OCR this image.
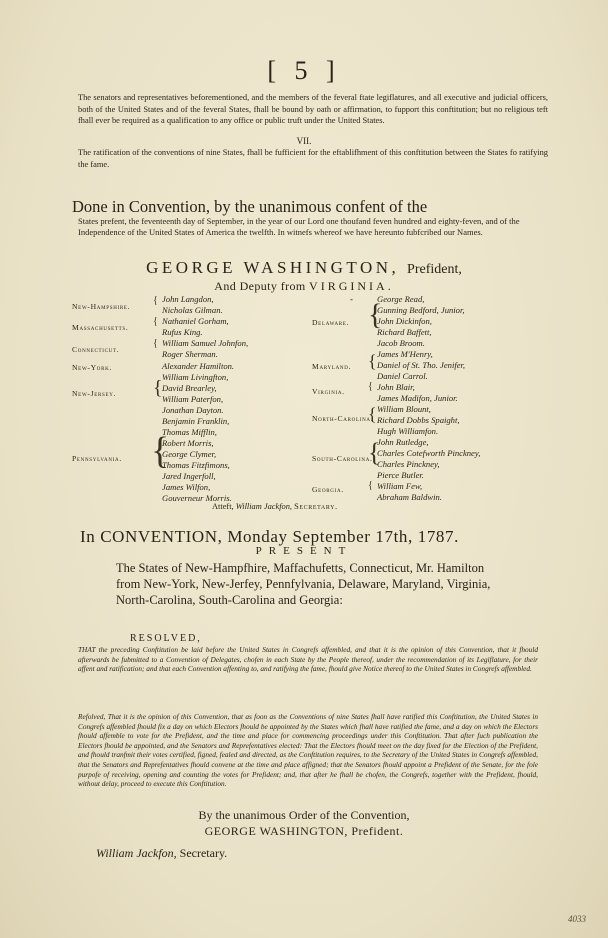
[ 5 ]
The senators and representatives beforementioned, and the members of the feveral ftate legiflatures, and all executive and judicial officers, both of the United States and of the feveral States, fhall be bound by oath or affirmation, to fupport this conftitution; but no religious teft fhall ever be required as a qualification to any office or public truft under the United States.
VII.
The ratification of the conventions of nine States, fhall be fufficient for the eftablifhment of this conftitution between the States fo ratifying the fame.
Done in Convention, by the unanimous confent of the
States prefent, the feventeenth day of September, in the year of our Lord one thoufand feven hundred and eighty-feven, and of the Independence of the United States of America the twelfth. In witnefs whereof we have hereunto fubfcribed our Names.
GEORGE WASHINGTON, Prefident,
And Deputy from VIRGINIA.
-
New-Hampshire.
{ John Langdon,
Nicholas Gilman.
Massachusetts.
{ Nathaniel Gorham,
Rufus King.
Connecticut.
{ William Samuel Johnfon,
Roger Sherman.
New-York.	Alexander Hamilton.
New-Jersey. { William Livingfton,
David Brearley,
William Paterfon,
Jonathan Dayton.
Pennsylvania. {
Benjamin Franklin,
Thomas Mifflin,
Robert Morris,
George Clymer,
Thomas Fitzfimons,
Jared Ingerfoll,
James Wilfon,
Gouverneur Morris.
Delaware. {
George Read,
Gunning Bedford, Junior,
John Dickinfon,
Richard Baffett,
Jacob Broom.
Maryland. { James M'Henry,
Daniel of St. Tho. Jenifer,
Daniel Carrol.
Virginia. { John Blair,
James Madifon, Junior.
North-Carolina.
{ William Blount,
Richard Dobbs Spaight,
Hugh Williamfon.
South-Carolina.
{
John Rutledge,
Charles Cotefworth Pinckney,
Charles Pinckney,
Pierce Butler.
Georgia. { William Few,
Abraham Baldwin.
Atteft, William Jackfon, Secretary.
In CONVENTION, Monday September 17th, 1787.
PRESENT
The States of New-Hampfhire, Maffachufetts, Connecticut, Mr. Hamilton from New-York, New-Jerfey, Pennfylvania, Delaware, Maryland, Virginia, North-Carolina, South-Carolina and Georgia:
RESOLVED,
THAT the preceding Conftitution be laid before the United States in Congrefs affembled, and that it is the opinion of this Convention, that it fhould afterwards be fubmitted to a Convention of Delegates, chofen in each State by the People thereof, under the recommendation of its Legiflature, for their affent and ratification; and that each Convention affenting to, and ratifying the fame, fhould give Notice thereof to the United States in Congrefs affembled.
Refolved, That it is the opinion of this Convention, that as foon as the Conventions of nine States fhall have ratified this Conftitution, the United States in Congrefs affembled fhould fix a day on which Electors fhould be appointed by the States which fhall have ratified the fame, and a day on which the Electors fhould affemble to vote for the Prefident, and the time and place for commencing proceedings under this Conftitution. That after fuch publication the Electors fhould be appointed, and the Senators and Reprefentatives elected: That the Electors fhould meet on the day fixed for the Election of the Prefident, and fhould tranfmit their votes certified, figned, fealed and directed, as the Conftitution requires, to the Secretary of the United States in Congrefs affembled, that the Senators and Reprefentatives fhould convene at the time and place affigned; that the Senators fhould appoint a Prefident of the Senate, for the fole purpofe of receiving, opening and counting the votes for Prefident; and, that after he fhall be chofen, the Congrefs, together with the Prefident, fhould, without delay, proceed to execute this Conftitution.
By the unanimous Order of the Convention,
GEORGE WASHINGTON, Prefident.
William Jackfon, Secretary.
4033
